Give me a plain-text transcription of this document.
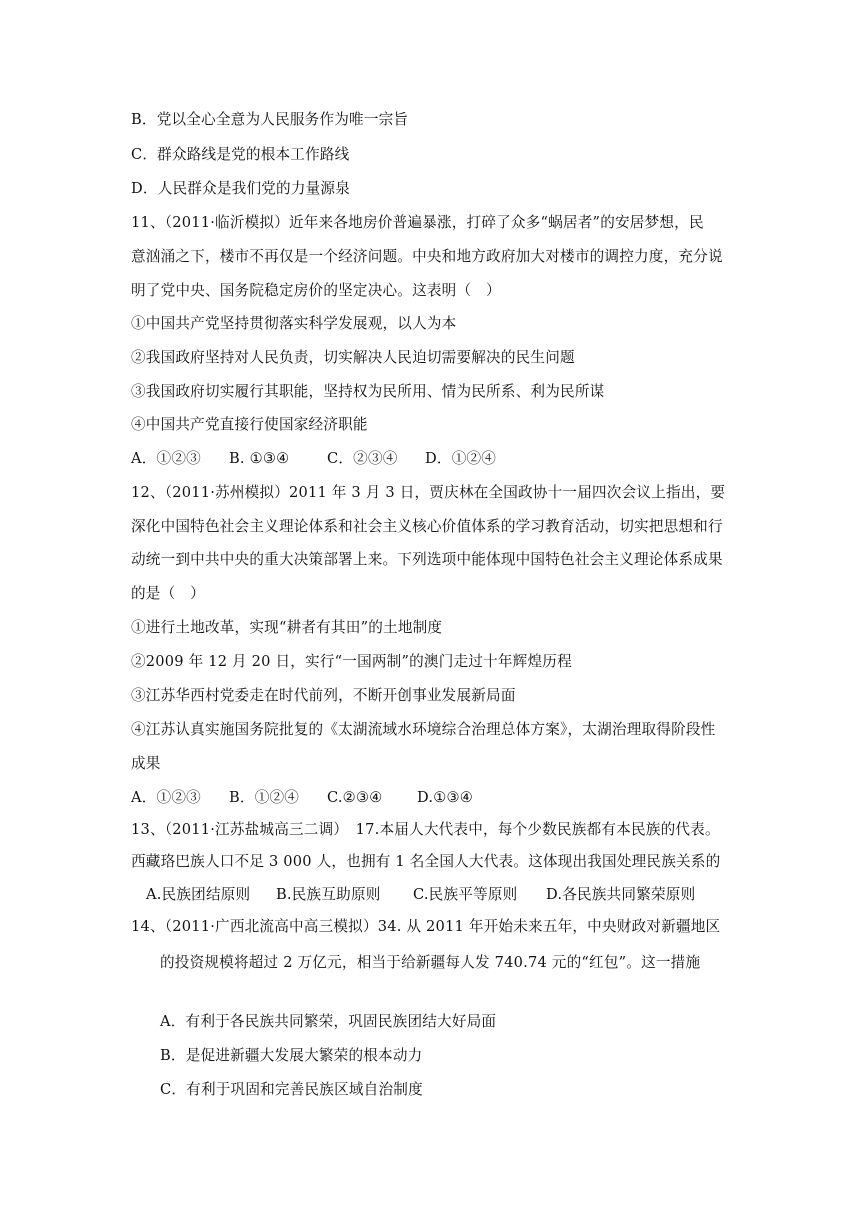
B．党以全心全意为人民服务作为唯一宗旨
C．群众路线是党的根本工作路线
D．人民群众是我们党的力量源泉
11、（2011·临沂模拟）近年来各地房价普遍暴涨，打碎了众多“蜗居者”的安居梦想，民
意汹涌之下，楼市不再仅是一个经济问题。中央和地方政府加大对楼市的调控力度，充分说
明了党中央、国务院稳定房价的坚定决心。这表明（　）
①中国共产党坚持贯彻落实科学发展观，以人为本
②我国政府坚持对人民负责，切实解决人民迫切需要解决的民生问题
③我国政府切实履行其职能，坚持权为民所用、情为民所系、利为民所谋
④中国共产党直接行使国家经济职能
A．①②③	B. ①③④	C．②③④	D．①②④
12、（2011·苏州模拟）2011 年 3 月 3 日，贾庆林在全国政协十一届四次会议上指出，要
深化中国特色社会主义理论体系和社会主义核心价值体系的学习教育活动，切实把思想和行
动统一到中共中央的重大决策部署上来。下列选项中能体现中国特色社会主义理论体系成果
的是（　）
①进行土地改革，实现“耕者有其田”的土地制度
②2009 年 12 月 20 日，实行“一国两制”的澳门走过十年辉煌历程
③江苏华西村党委走在时代前列，不断开创事业发展新局面
④江苏认真实施国务院批复的《太湖流域水环境综合治理总体方案》，太湖治理取得阶段性
成果
A．①②③	B．①②④	C.②③④	D.①③④
13、（2011·江苏盐城高三二调）　17.本届人大代表中，每个少数民族都有本民族的代表。
西藏珞巴族人口不足 3 000 人，也拥有 1 名全国人大代表。这体现出我国处理民族关系的
A.民族团结原则	B.民族互助原则	C.民族平等原则	D.各民族共同繁荣原则
14、（2011·广西北流高中高三模拟）34. 从 2011 年开始未来五年，中央财政对新疆地区
的投资规模将超过 2 万亿元，相当于给新疆每人发 740.74 元的“红包”。这一措施
A．有利于各民族共同繁荣，巩固民族团结大好局面
B．是促进新疆大发展大繁荣的根本动力
C．有利于巩固和完善民族区域自治制度
